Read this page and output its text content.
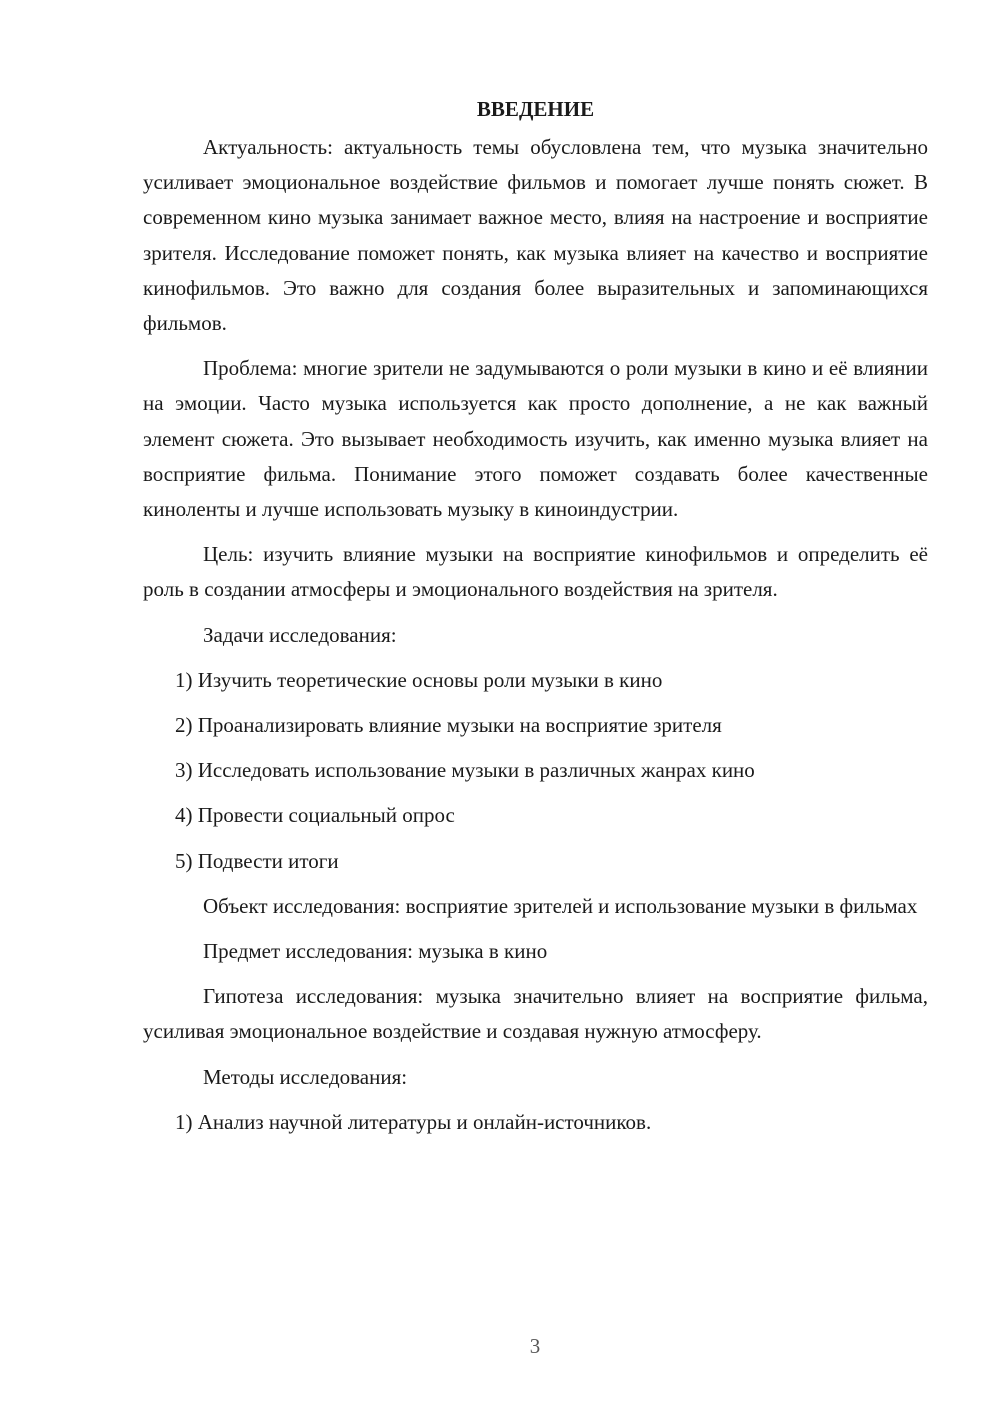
ВВЕДЕНИЕ

Актуальность: актуальность темы обусловлена тем, что музыка значительно усиливает эмоциональное воздействие фильмов и помогает лучше понять сюжет. В современном кино музыка занимает важное место, влияя на настроение и восприятие зрителя. Исследование поможет понять, как музыка влияет на качество и восприятие кинофильмов. Это важно для создания более выразительных и запоминающихся фильмов.

Проблема: многие зрители не задумываются о роли музыки в кино и её влиянии на эмоции. Часто музыка используется как просто дополнение, а не как важный элемент сюжета. Это вызывает необходимость изучить, как именно музыка влияет на восприятие фильма. Понимание этого поможет создавать более качественные киноленты и лучше использовать музыку в киноиндустрии.

Цель: изучить влияние музыки на восприятие кинофильмов и определить её роль в создании атмосферы и эмоционального воздействия на зрителя.

Задачи исследования:

1) Изучить теоретические основы роли музыки в кино

2) Проанализировать влияние музыки на восприятие зрителя

3) Исследовать использование музыки в различных жанрах кино

4) Провести социальный опрос

5) Подвести итоги

Объект исследования: восприятие зрителей и использование музыки в фильмах

Предмет исследования: музыка в кино

Гипотеза исследования: музыка значительно влияет на восприятие фильма, усиливая эмоциональное воздействие и создавая нужную атмосферу.

Методы исследования:

1) Анализ научной литературы и онлайн-источников.

3
